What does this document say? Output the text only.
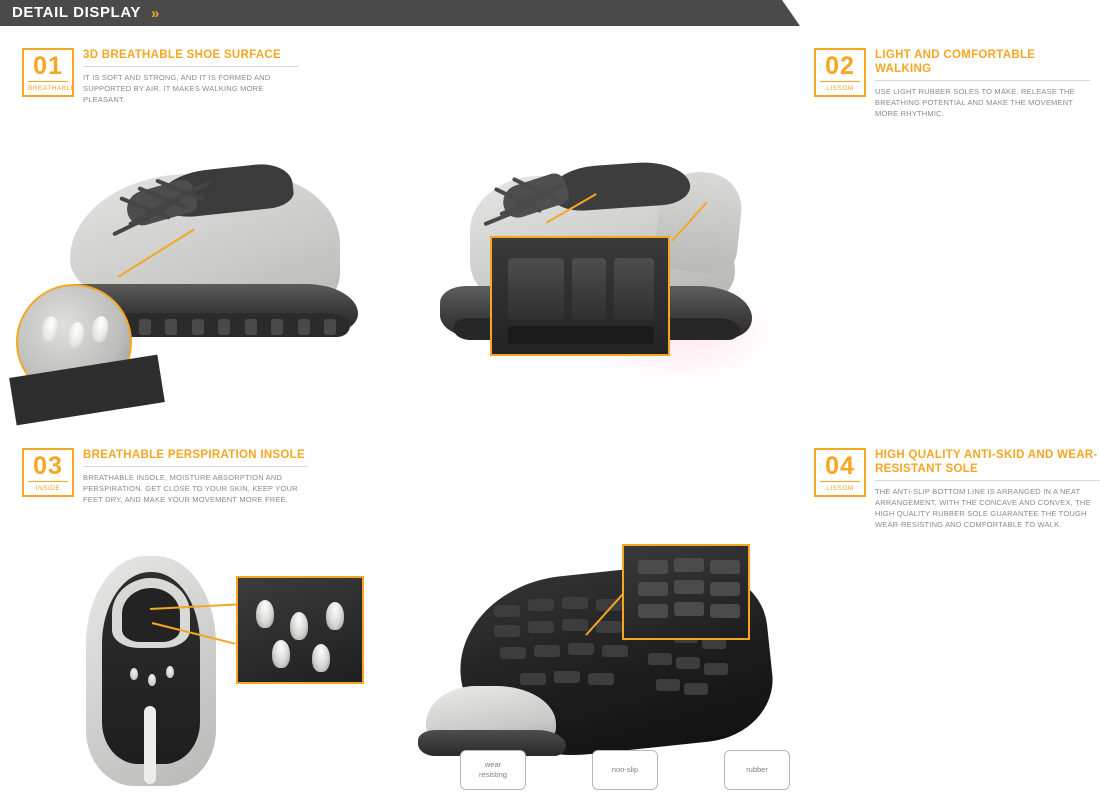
DETAIL DISPLAY »
01
BREATHABLE
3D BREATHABLE SHOE SURFACE

IT IS SOFT AND STRONG, AND IT IS FORMED AND SUPPORTED BY AIR. IT MAKES WALKING MORE PLEASANT.

02
LISSOM
LIGHT AND COMFORTABLE WALKING

USE LIGHT RUBBER SOLES TO MAKE, RELEASE THE BREATHING POTENTIAL AND MAKE THE MOVEMENT MORE RHYTHMIC.

03
INSIDE
BREATHABLE PERSPIRATION INSOLE

BREATHABLE INSOLE, MOISTURE ABSORPTION AND PERSPIRATION. GET CLOSE TO YOUR SKIN, KEEP YOUR FEET DRY, AND MAKE YOUR MOVEMENT MORE FREE.

04
LISSOM
HIGH QUALITY ANTI-SKID AND WEAR-RESISTANT SOLE

THE ANTI-SLIP BOTTOM LINE IS ARRANGED IN A NEAT ARRANGEMENT, WITH THE CONCAVE AND CONVEX, THE HIGH QUALITY RUBBER SOLE GUARANTEE THE TOUGH WEAR-RESISTING AND COMFORTABLE TO WALK.

wear
resisting
non-slip	rubber
